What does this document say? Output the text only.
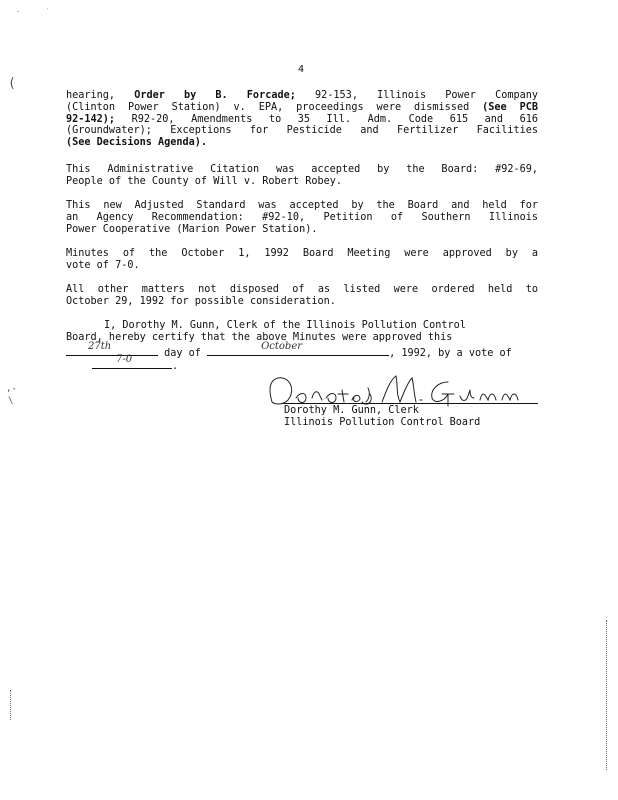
·      ˙
(
,‐
\
4
hearing, Order by B. Forcade; 92-153, Illinois Power Company
(Clinton Power Station) v. EPA, proceedings were dismissed (See PCB
92-142); R92-20, Amendments to 35 Ill. Adm. Code 615 and 616
(Groundwater); Exceptions for Pesticide and Fertilizer Facilities
(See Decisions Agenda).
This Administrative Citation was accepted by the Board: #92-69,
People of the County of Will v. Robert Robey.
This new Adjusted Standard was accepted by the Board and held for
an Agency Recommendation: #92-10, Petition of Southern Illinois
Power Cooperative (Marion Power Station).
Minutes of the October 1, 1992 Board Meeting were approved by a
vote of 7-0.
All other matters not disposed of as listed were ordered held to
October 29, 1992 for possible consideration.
I, Dorothy M. Gunn, Clerk of the Illinois Pollution Control
Board, hereby certify that the above Minutes were approved this
27th
day of
October
, 1992, by a vote of
7-0
.
Dorothy M. Gunn, Clerk
Illinois Pollution Control Board
